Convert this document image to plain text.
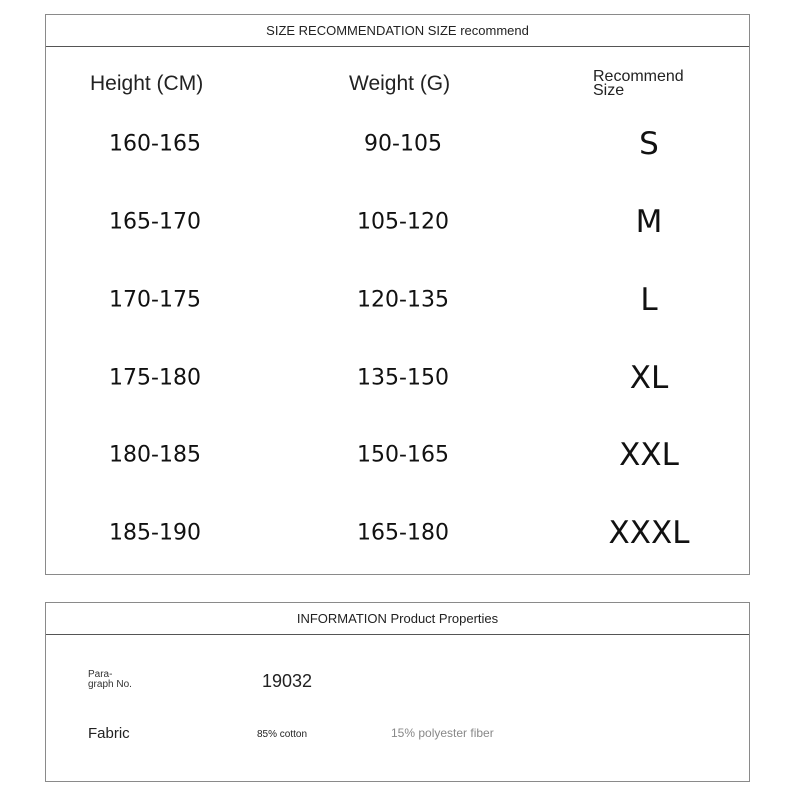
SIZE RECOMMENDATION SIZE recommend
Height (CM)	Weight (G)	Recommend
Size
160-165	90-105	S
165-170	105-120	M
170-175	120-135	L
175-180	135-150	XL
180-185	150-165	XXL
185-190	165-180	XXXL
INFORMATION Product Properties
Para-
graph No.	19032
Fabric	85% cotton	15% polyester fiber
